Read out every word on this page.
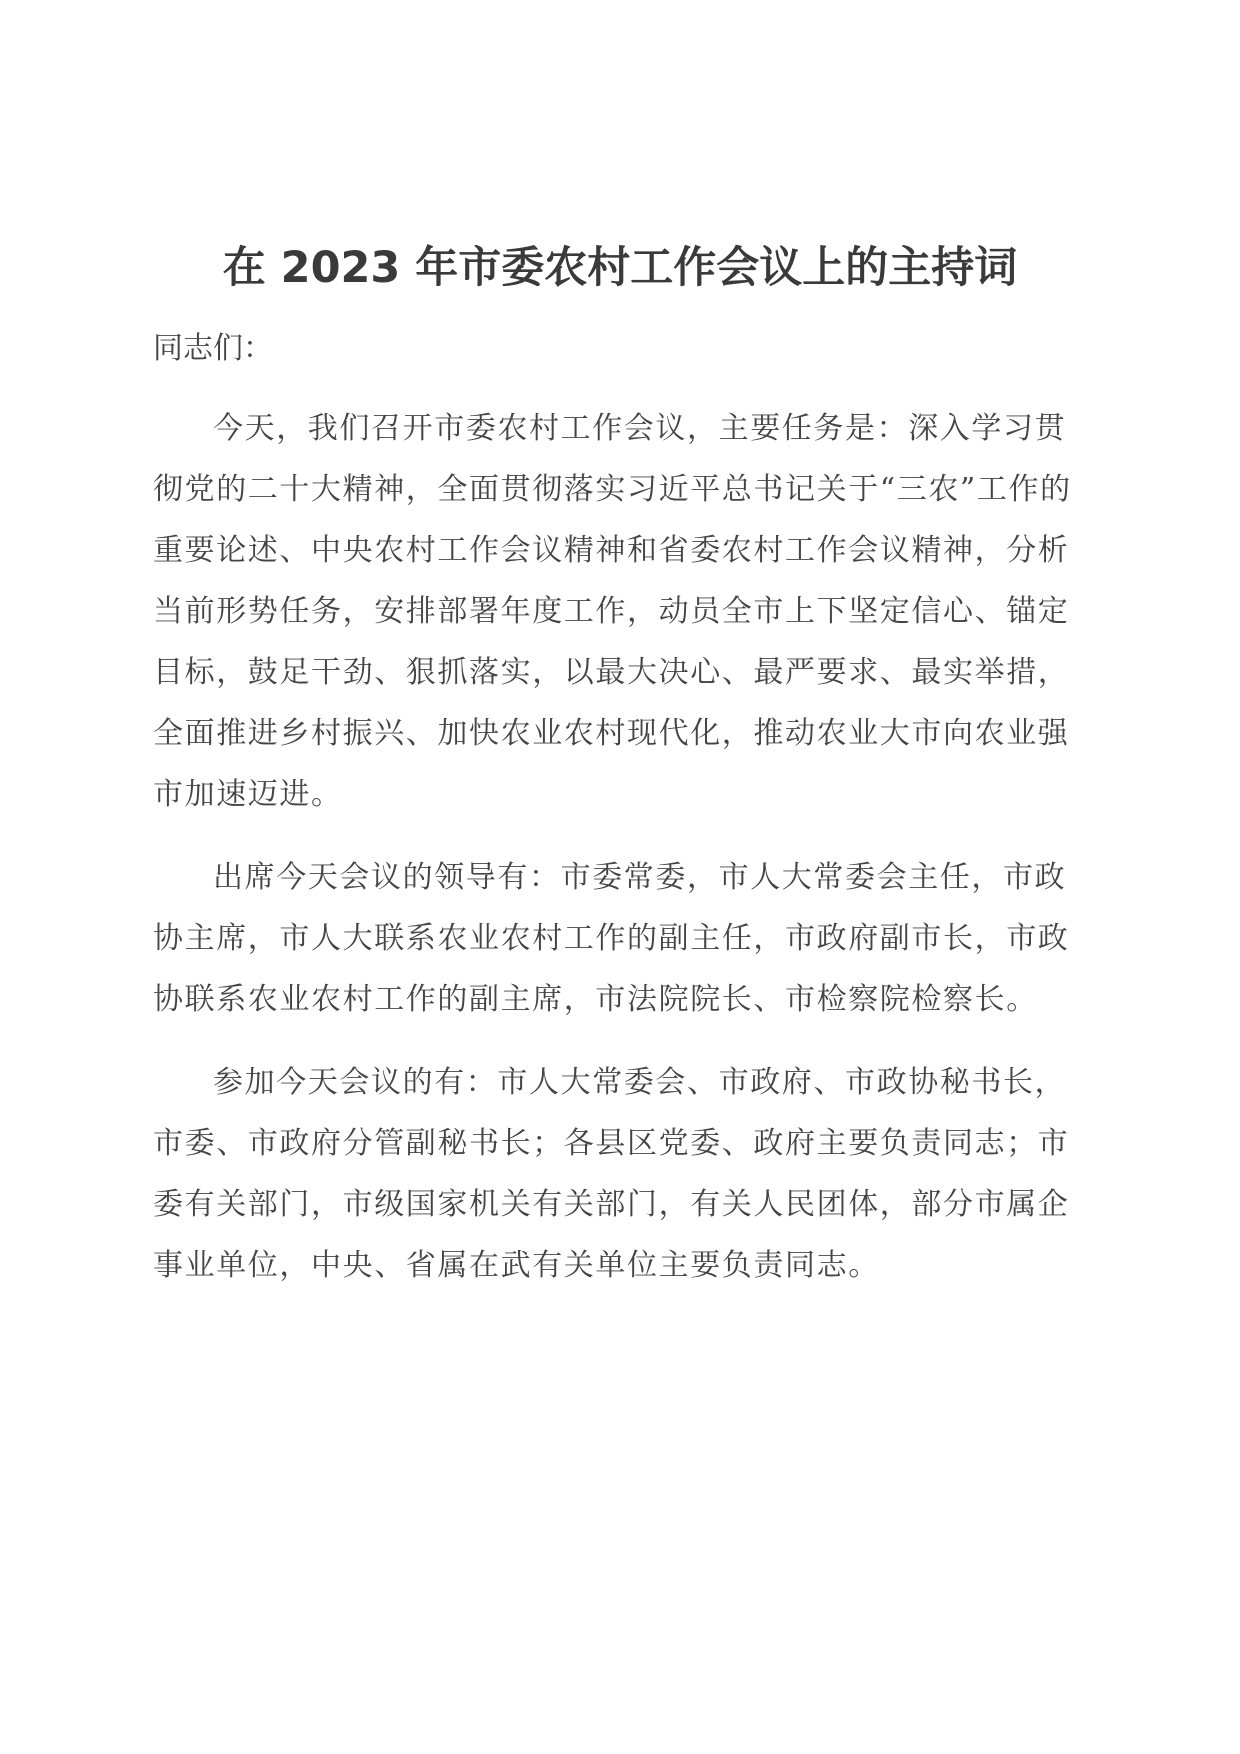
在 2023 年市委农村工作会议上的主持词

同志们：

今天，我们召开市委农村工作会议，主要任务是：深入学习贯彻党的二十大精神，全面贯彻落实习近平总书记关于“三农”工作的重要论述、中央农村工作会议精神和省委农村工作会议精神，分析当前形势任务，安排部署年度工作，动员全市上下坚定信心、锚定目标，鼓足干劲、狠抓落实，以最大决心、最严要求、最实举措，全面推进乡村振兴、加快农业农村现代化，推动农业大市向农业强市加速迈进。

出席今天会议的领导有：市委常委，市人大常委会主任，市政协主席，市人大联系农业农村工作的副主任，市政府副市长，市政协联系农业农村工作的副主席，市法院院长、市检察院检察长。

参加今天会议的有：市人大常委会、市政府、市政协秘书长，市委、市政府分管副秘书长；各县区党委、政府主要负责同志；市委有关部门，市级国家机关有关部门，有关人民团体，部分市属企事业单位，中央、省属在武有关单位主要负责同志。
